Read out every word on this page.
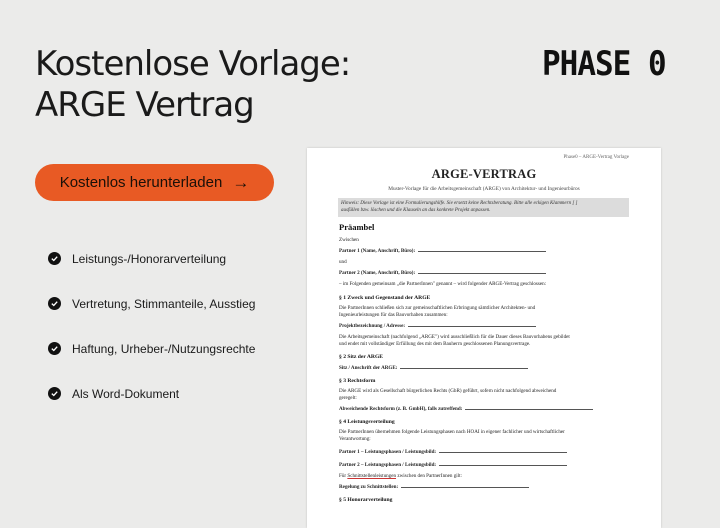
Kostenlose Vorlage:
ARGE Vertrag
PHASE 0
Kostenlos herunterladen →
Leistungs-/Honorarverteilung
Vertretung, Stimmanteile, Ausstieg
Haftung, Urheber-/Nutzungsrechte
Als Word-Dokument
Phase0 – ARGE-Vertrag Vorlage
ARGE-VERTRAG
Muster-Vorlage für die Arbeitsgemeinschaft (ARGE) von Architektur- und Ingenieurbüros
Hinweis: Diese Vorlage ist eine Formulierungshilfe. Sie ersetzt keine Rechtsberatung. Bitte alle eckigen Klammern [ ]
ausfüllen bzw. löschen und die Klauseln an das konkrete Projekt anpassen.
Präambel
Zwischen
Partner 1 (Name, Anschrift, Büro):
und
Partner 2 (Name, Anschrift, Büro):
– im Folgenden gemeinsam „die PartnerInnen" genannt – wird folgender ARGE-Vertrag geschlossen:
§ 1 Zweck und Gegenstand der ARGE
Die PartnerInnen schließen sich zur gemeinschaftlichen Erbringung sämtlicher Architekten- und
Ingenieurleistungen für das Bauvorhaben zusammen:
Projektbezeichnung / Adresse:
Die Arbeitsgemeinschaft (nachfolgend „ARGE") wird ausschließlich für die Dauer dieses Bauvorhabens gebildet
und endet mit vollständiger Erfüllung des mit dem Bauherrn geschlossenen Planungsvertrage.
§ 2 Sitz der ARGE
Sitz / Anschrift der ARGE:
§ 3 Rechtsform
Die ARGE wird als Gesellschaft bürgerlichen Rechts (GbR) geführt, sofern nicht nachfolgend abweichend
geregelt:
Abweichende Rechtsform (z. B. GmbH), falls zutreffend:
§ 4 Leistungsverteilung
Die PartnerInnen übernehmen folgende Leistungsphasen nach HOAI in eigener fachlicher und wirtschaftlicher
Verantwortung:
Partner 1 – Leistungsphasen / Leistungsbild:
Partner 2 – Leistungsphasen / Leistungsbild:
Für Schnittstellenleistungen zwischen den PartnerInnen gilt:
Regelung zu Schnittstellen:
§ 5 Honorarverteilung
